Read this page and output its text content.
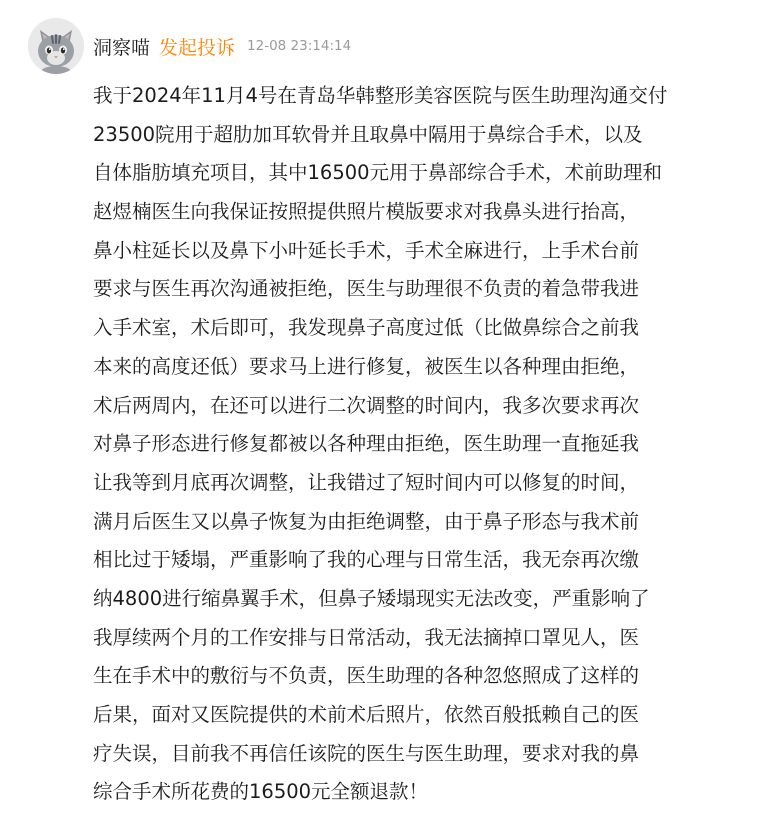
洞察喵 发起投诉 12-08 23:14:14
我于2024年11月4号在青岛华韩整形美容医院与医生助理沟通交付
23500院用于超肋加耳软骨并且取鼻中隔用于鼻综合手术，以及
自体脂肪填充项目，其中16500元用于鼻部综合手术，术前助理和
赵煜楠医生向我保证按照提供照片模版要求对我鼻头进行抬高，
鼻小柱延长以及鼻下小叶延长手术，手术全麻进行，上手术台前
要求与医生再次沟通被拒绝，医生与助理很不负责的着急带我进
入手术室，术后即可，我发现鼻子高度过低（比做鼻综合之前我
本来的高度还低）要求马上进行修复，被医生以各种理由拒绝，
术后两周内，在还可以进行二次调整的时间内，我多次要求再次
对鼻子形态进行修复都被以各种理由拒绝，医生助理一直拖延我
让我等到月底再次调整，让我错过了短时间内可以修复的时间，
满月后医生又以鼻子恢复为由拒绝调整，由于鼻子形态与我术前
相比过于矮塌，严重影响了我的心理与日常生活，我无奈再次缴
纳4800进行缩鼻翼手术，但鼻子矮塌现实无法改变，严重影响了
我厚续两个月的工作安排与日常活动，我无法摘掉口罩见人，医
生在手术中的敷衍与不负责，医生助理的各种忽悠照成了这样的
后果，面对又医院提供的术前术后照片，依然百般抵赖自己的医
疗失误，目前我不再信任该院的医生与医生助理，要求对我的鼻
综合手术所花费的16500元全额退款！
